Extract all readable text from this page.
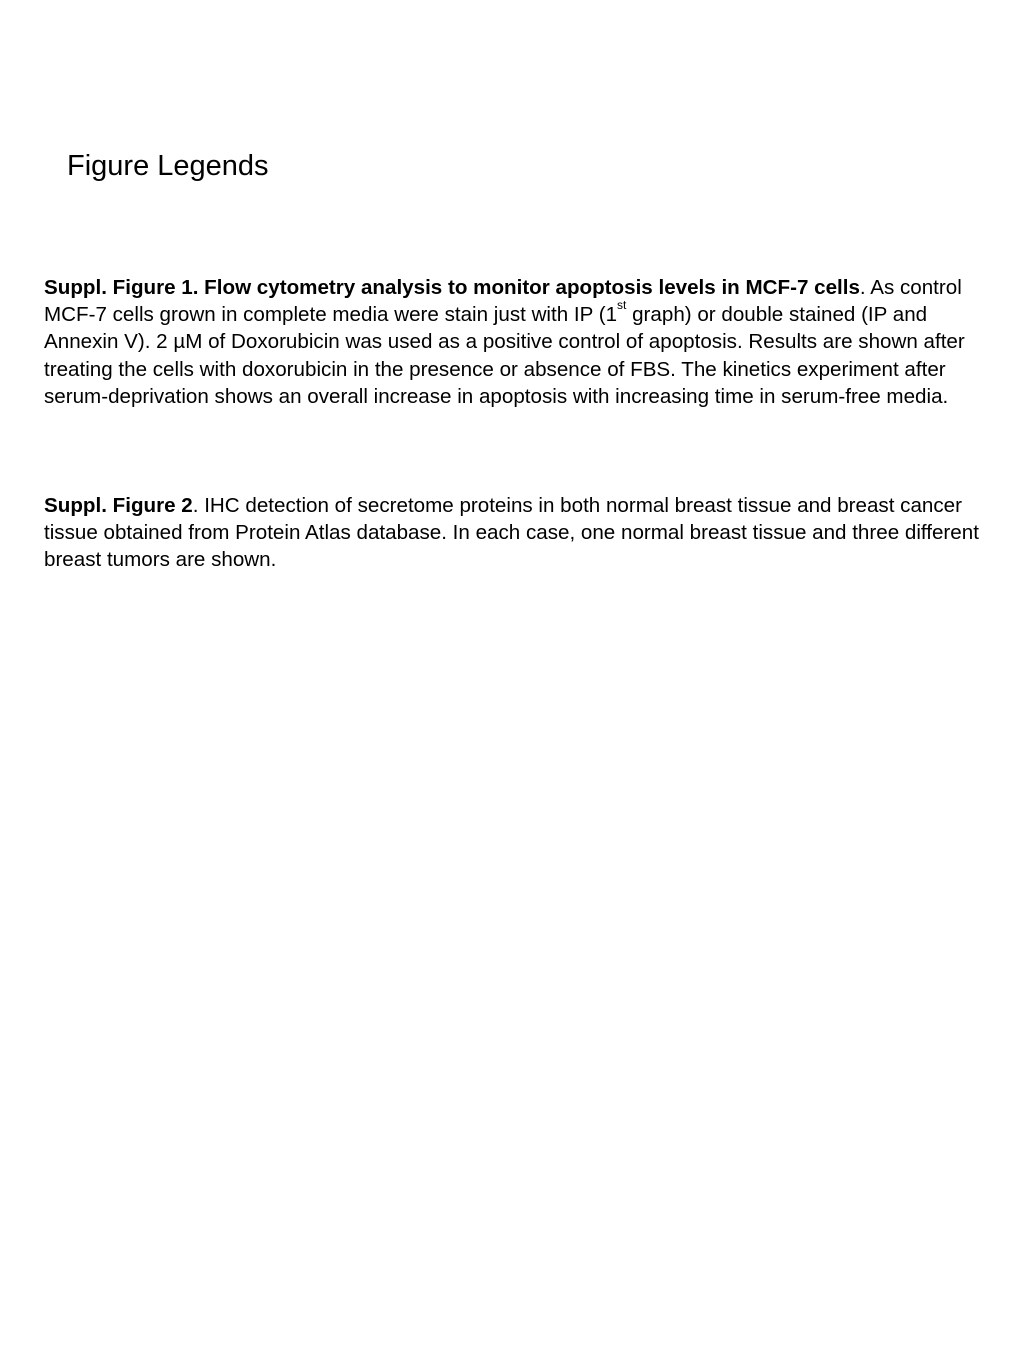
Figure Legends

Suppl. Figure 1. Flow cytometry analysis to monitor apoptosis levels in MCF-7 cells. As control MCF-7 cells grown in complete media were stain just with IP (1st graph) or double stained (IP and Annexin V). 2 µM of Doxorubicin was used as a positive control of apoptosis. Results are shown after treating the cells with doxorubicin in the presence or absence of FBS. The kinetics experiment after serum-deprivation shows an overall increase in apoptosis with increasing time in serum-free media.

Suppl. Figure 2. IHC detection of secretome proteins in both normal breast tissue and breast cancer tissue obtained from Protein Atlas database. In each case, one normal breast tissue and three different breast tumors are shown.
